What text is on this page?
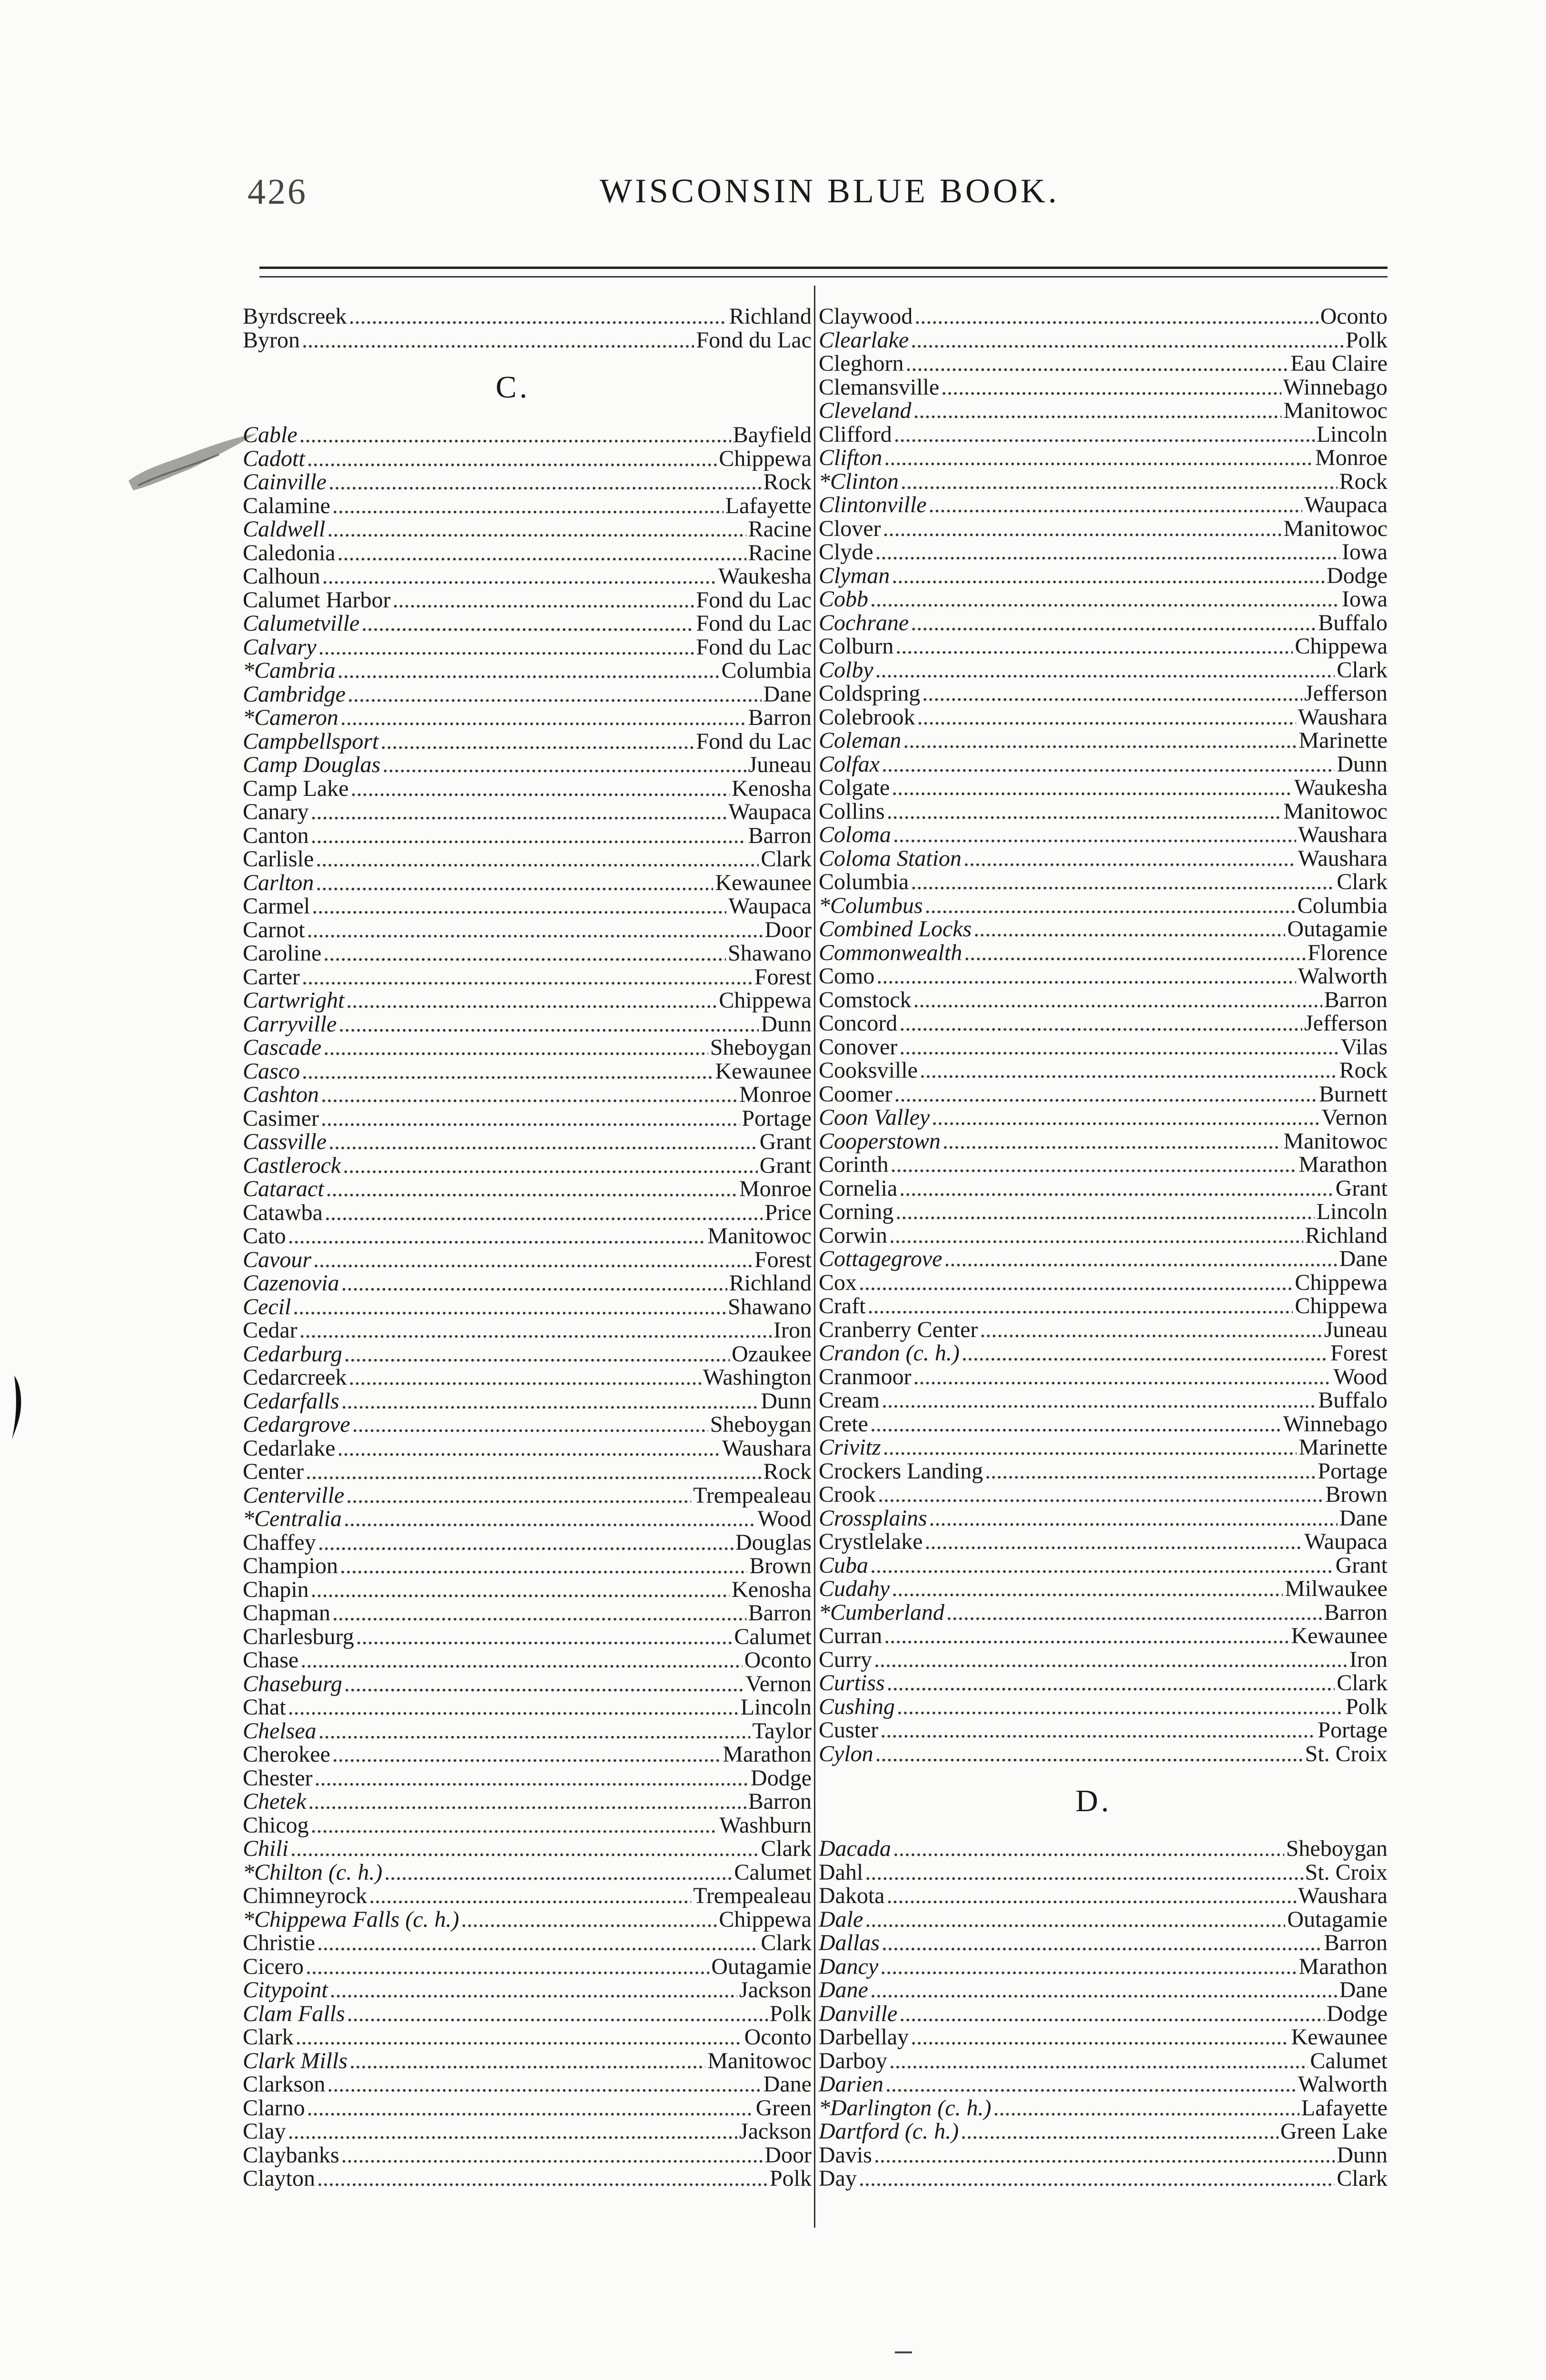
426	WISCONSIN BLUE BOOK.
Byrdscreek . . .	Richland
Byron . . .	Fond du Lac
C.
Cable . . .	Bayfield
Cadott . . .	Chippewa
Cainville . . .	Rock
Calamine . . .	Lafayette
Caldwell . . .	Racine
Caledonia . . .	Racine
Calhoun . . .	Waukesha
Calumet Harbor . . .	Fond du Lac
Calumetville . . .	Fond du Lac
Calvary . . .	Fond du Lac
*Cambria . . .	Columbia
Cambridge . . .	Dane
*Cameron . . .	Barron
Campbellsport . . .	Fond du Lac
Camp Douglas . . .	Juneau
Camp Lake . . .	Kenosha
Canary . . .	Waupaca
Canton . . .	Barron
Carlisle . . .	Clark
Carlton . . .	Kewaunee
Carmel . . .	Waupaca
Carnot . . .	Door
Caroline . . .	Shawano
Carter . . .	Forest
Cartwright . . .	Chippewa
Carryville . . .	Dunn
Cascade . . .	Sheboygan
Casco . . .	Kewaunee
Cashton . . .	Monroe
Casimer . . .	Portage
Cassville . . .	Grant
Castlerock . . .	Grant
Cataract . . .	Monroe
Catawba . . .	Price
Cato . . .	Manitowoc
Cavour . . .	Forest
Cazenovia . . .	Richland
Cecil . . .	Shawano
Cedar . . .	Iron
Cedarburg . . .	Ozaukee
Cedarcreek . . .	Washington
Cedarfalls . . .	Dunn
Cedargrove . . .	Sheboygan
Cedarlake . . .	Waushara
Center . . .	Rock
Centerville . . .	Trempealeau
*Centralia . . .	Wood
Chaffey . . .	Douglas
Champion . . .	Brown
Chapin . . .	Kenosha
Chapman . . .	Barron
Charlesburg . . .	Calumet
Chase . . .	Oconto
Chaseburg . . .	Vernon
Chat . . .	Lincoln
Chelsea . . .	Taylor
Cherokee . . .	Marathon
Chester . . .	Dodge
Chetek . . .	Barron
Chicog . . .	Washburn
Chili . . .	Clark
*Chilton (c. h.) . . .	Calumet
Chimneyrock . . .	Trempealeau
*Chippewa Falls (c. h.) . . .	Chippewa
Christie . . .	Clark
Cicero . . .	Outagamie
Citypoint . . .	Jackson
Clam Falls . . .	Polk
Clark . . .	Oconto
Clark Mills . . .	Manitowoc
Clarkson . . .	Dane
Clarno . . .	Green
Clay . . .	Jackson
Claybanks . . .	Door
Clayton . . .	Polk
Claywood . . .	Oconto
Clearlake . . .	Polk
Cleghorn . . .	Eau Claire
Clemansville . . .	Winnebago
Cleveland . . .	Manitowoc
Clifford . . .	Lincoln
Clifton . . .	Monroe
*Clinton . . .	Rock
Clintonville . . .	Waupaca
Clover . . .	Manitowoc
Clyde . . .	Iowa
Clyman . . .	Dodge
Cobb . . .	Iowa
Cochrane . . .	Buffalo
Colburn . . .	Chippewa
Colby . . .	Clark
Coldspring . . .	Jefferson
Colebrook . . .	Waushara
Coleman . . .	Marinette
Colfax . . .	Dunn
Colgate . . .	Waukesha
Collins . . .	Manitowoc
Coloma . . .	Waushara
Coloma Station . . .	Waushara
Columbia . . .	Clark
*Columbus . . .	Columbia
Combined Locks . . .	Outagamie
Commonwealth . . .	Florence
Como . . .	Walworth
Comstock . . .	Barron
Concord . . .	Jefferson
Conover . . .	Vilas
Cooksville . . .	Rock
Coomer . . .	Burnett
Coon Valley . . .	Vernon
Cooperstown . . .	Manitowoc
Corinth . . .	Marathon
Cornelia . . .	Grant
Corning . . .	Lincoln
Corwin . . .	Richland
Cottagegrove . . .	Dane
Cox . . .	Chippewa
Craft . . .	Chippewa
Cranberry Center . . .	Juneau
Crandon (c. h.) . . .	Forest
Cranmoor . . .	Wood
Cream . . .	Buffalo
Crete . . .	Winnebago
Crivitz . . .	Marinette
Crockers Landing . . .	Portage
Crook . . .	Brown
Crossplains . . .	Dane
Crystlelake . . .	Waupaca
Cuba . . .	Grant
Cudahy . . .	Milwaukee
*Cumberland . . .	Barron
Curran . . .	Kewaunee
Curry . . .	Iron
Curtiss . . .	Clark
Cushing . . .	Polk
Custer . . .	Portage
Cylon . . .	St. Croix
D.
Dacada . . .	Sheboygan
Dahl . . .	St. Croix
Dakota . . .	Waushara
Dale . . .	Outagamie
Dallas . . .	Barron
Dancy . . .	Marathon
Dane . . .	Dane
Danville . . .	Dodge
Darbellay . . .	Kewaunee
Darboy . . .	Calumet
Darien . . .	Walworth
*Darlington (c. h.) . . .	Lafayette
Dartford (c. h.) . . .	Green Lake
Davis . . .	Dunn
Day . . .	Clark
